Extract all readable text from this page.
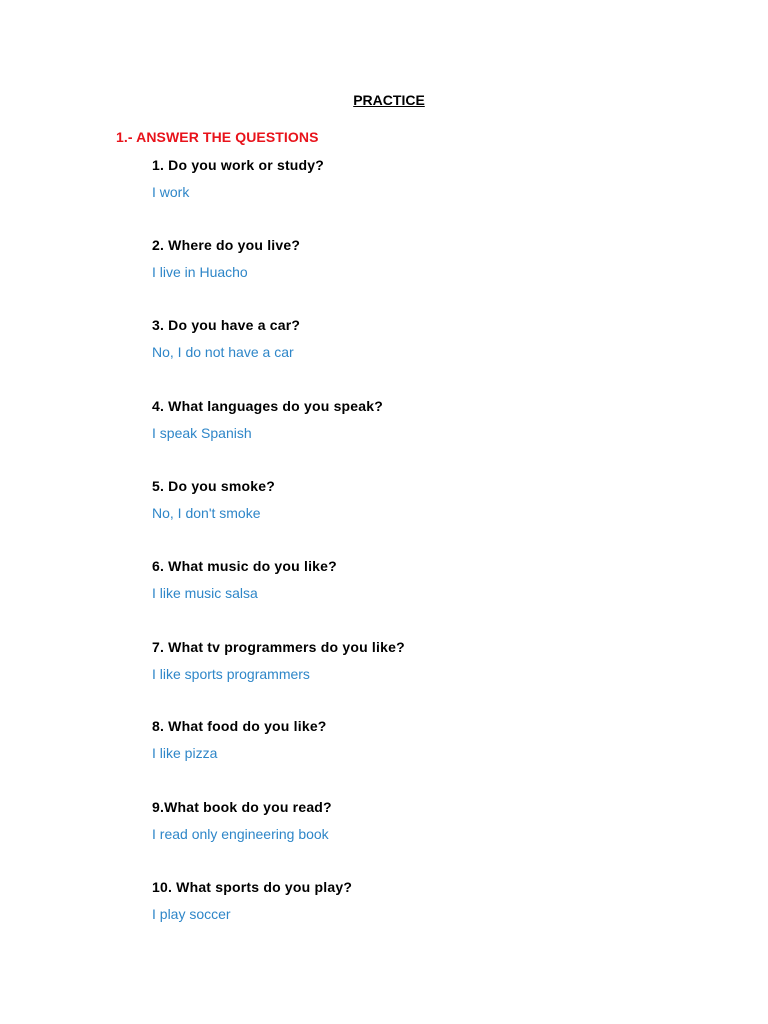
PRACTICE
1.- ANSWER THE QUESTIONS
1. Do you work or study?
I work
2. Where do you live?
I live in Huacho
3. Do you have a car?
No, I do not have a car
4. What languages do you speak?
I speak Spanish
5. Do you smoke?
No, I don't smoke
6. What music do you like?
I like music salsa
7. What tv programmers do you like?
I like sports programmers
8. What food do you like?
I like pizza
9.What book do you read?
I read only engineering book
10. What sports do you play?
I play soccer
